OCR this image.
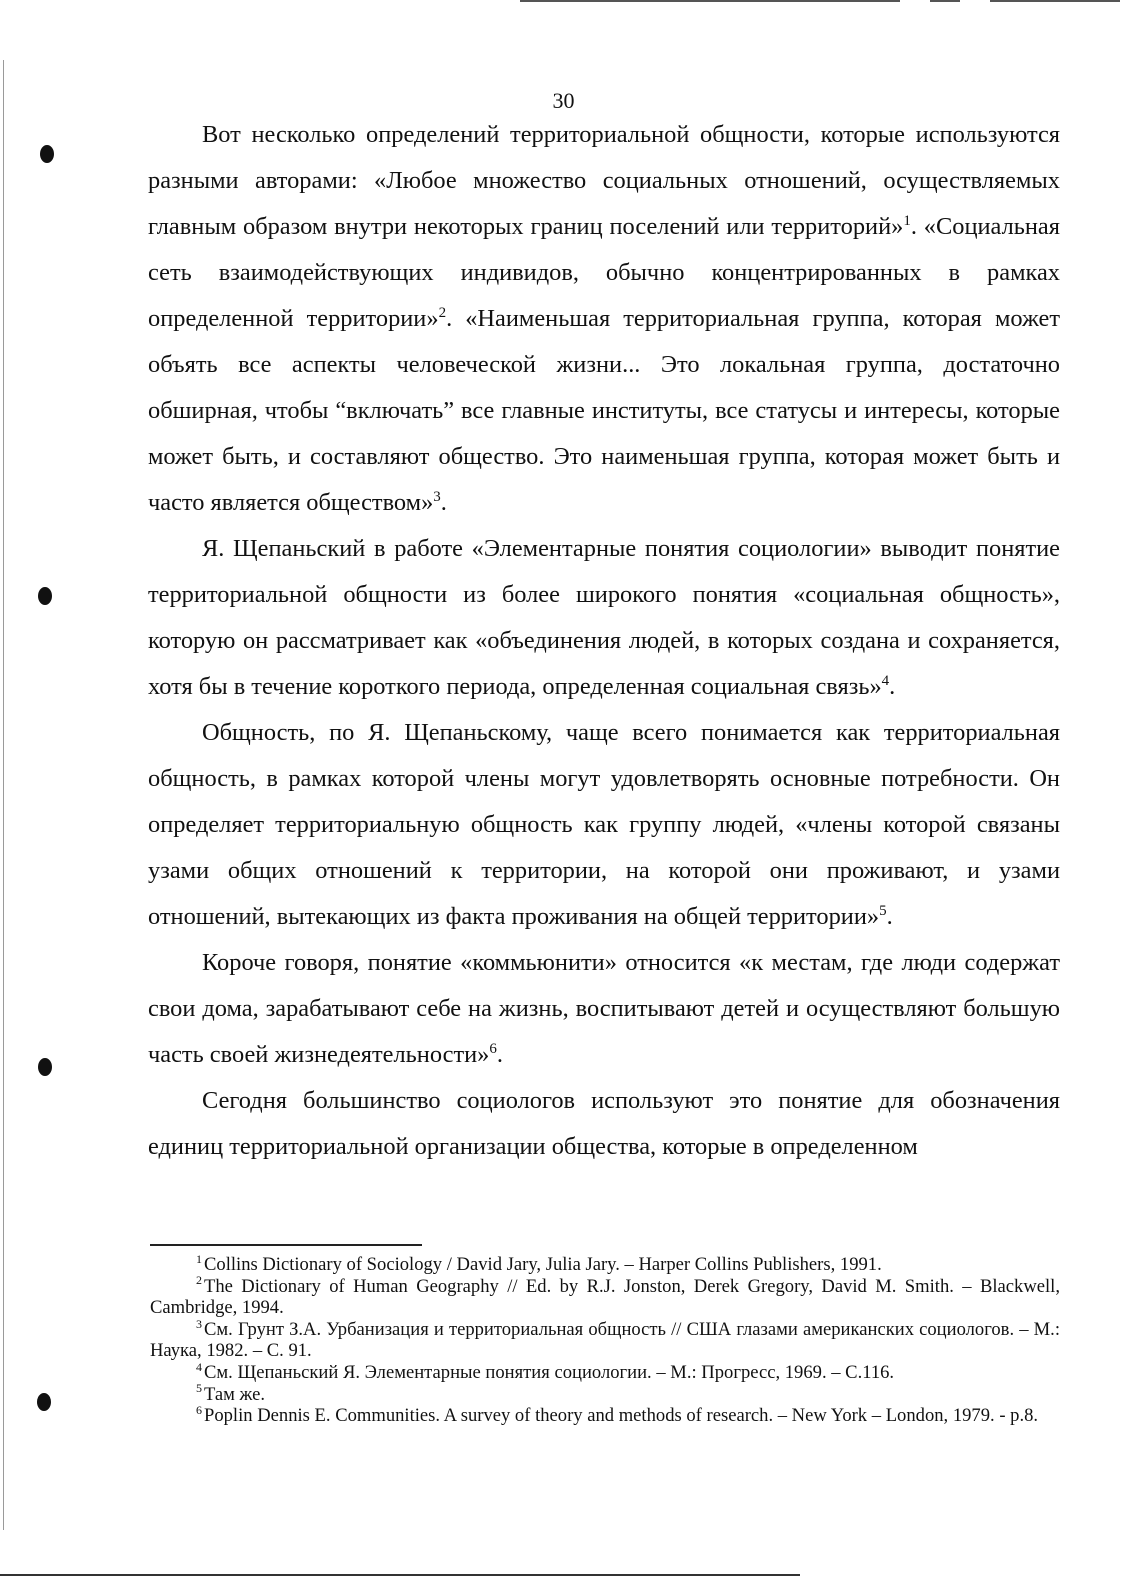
30

Вот несколько определений территориальной общности, которые используются разными авторами: «Любое множество социальных отношений, осуществляемых главным образом внутри некоторых границ поселений или территорий»$^1$. «Социальная сеть взаимодействующих индивидов, обычно концентрированных в рамках определенной территории»$^2$. «Наименьшая территориальная группа, которая может объять все аспекты человеческой жизни... Это локальная группа, достаточно обширная, чтобы “включать” все главные институты, все статусы и интересы, которые может быть, и составляют общество. Это наименьшая группа, которая может быть и часто является обществом»$^3$.

Я. Щепаньский в работе «Элементарные понятия социологии» выводит понятие территориальной общности из более широкого понятия «социальная общность», которую он рассматривает как «объединения людей, в которых создана и сохраняется, хотя бы в течение короткого периода, определенная социальная связь»$^4$.

Общность, по Я. Щепаньскому, чаще всего понимается как территориальная общность, в рамках которой члены могут удовлетворять основные потребности. Он определяет территориальную общность как группу людей, «члены которой связаны узами общих отношений к территории, на которой они проживают, и узами отношений, вытекающих из факта проживания на общей территории»$^5$.

Короче говоря, понятие «коммьюнити» относится «к местам, где люди содержат свои дома, зарабатывают себе на жизнь, воспитывают детей и осуществляют большую часть своей жизнедеятельности»$^6$.

Сегодня большинство социологов используют это понятие для обозначения единиц территориальной организации общества, которые в определенном

$^1$ Collins Dictionary of Sociology / David Jary, Julia Jary. – Harper Collins Publishers, 1991.

$^2$ The Dictionary of Human Geography // Ed. by R.J. Jonston, Derek Gregory, David M. Smith. – Blackwell, Cambridge, 1994.

$^3$ См. Грунт З.А. Урбанизация и территориальная общность // США глазами американских социологов. – М.: Наука, 1982. – С. 91.

$^4$ См. Щепаньский Я. Элементарные понятия социологии. – М.: Прогресс, 1969. – С.116.

$^5$ Там же.

$^6$ Poplin Dennis E. Communities. A survey of theory and methods of research. – New York – London, 1979. - p.8.
